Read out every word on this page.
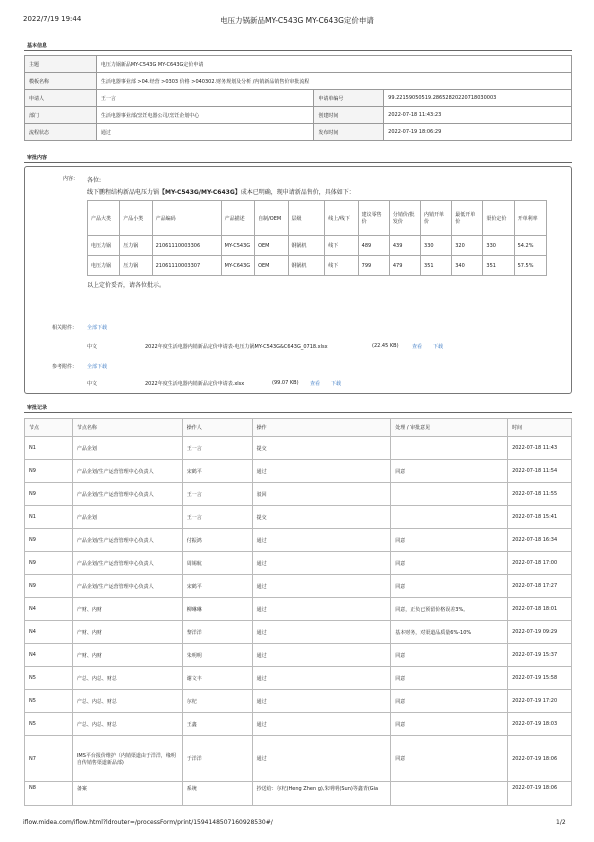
2022/7/19 19:44	电压力锅新品MY-C543G MY-C643G定价申请
基本信息
主题	电压力锅新品MY-C543G MY-C643G定价申请		
模板名称	生活电器事业部 >04.经营 >0303 价格 >040302.财务规划及分析 /内销新品销售价审批流程		
申请人	王一言	申请单编号	99.22159050519.28652820220718030003
部门	生活电器事业部/烹饪电器公司/烹饪企划中心	创建时间	2022-07-18 11:43:23
流程状态	通过	发布时间	2022-07-19 18:06:29
审批内容
内容： 各位:
线下鹏程结构新品电压力锅【MY-C543G/MY-C643G】成本已明确，现申请新品售价，具体如下：
产品大类	产品小类	产品编码	产品描述	自制/OEM	层级	线上/线下	建议零售价	分销价/批发价	内销开单价	最低开单价	渠价定价	开单利率
电压力锅	压力锅	21061110003306	MY-C543G	OEM	钢锅机	线下	489	439	330	320	330	54.2%
电压力锅	压力锅	21061110003307	MY-C643G	OEM	钢锅机	线下	799	479	351	340	351	57.5%
以上定价妥否，请各位批示。
相关附件： 全部下载
中文	2022年度生活电器内销新品定价申请表-电压力锅MY-C543G&C643G_0718.xlsx	(22.45 KB)	查看 下载
参考附件： 全部下载
中文	2022年度生活电器内销新品定价申请表.xlsx	(99.07 KB) 查看 下载
审批记录
节点	节点名称	操作人	操作	处理 / 审批意见	时间
N1	产品企划	王一言	提交		2022-07-18 11:43
N9	产品企划/生产运营管理中心负责人	宋鹤平	通过	同意	2022-07-18 11:54
N9	产品企划/生产运营管理中心负责人	王一言	驳回		2022-07-18 11:55
N1	产品企划	王一言	提交		2022-07-18 15:41
N9	产品企划/生产运营管理中心负责人	付振鸿	通过	同意	2022-07-18 16:34
N9	产品企划/生产运营管理中心负责人	周锡航	通过	同意	2022-07-18 17:00
N9	产品企划/生产运营管理中心负责人	宋鹤平	通过	同意	2022-07-18 17:27
N4	产财、内财	柳琳琳	通过	同意，正负已预留价格误差3%。	2022-07-18 18:01
N4	产财、内财	黎洋洋	通过	基本财务，对渠道品质量6%-10%	2022-07-19 09:29
N4	产财、内财	朱明明	通过	同意	2022-07-19 15:37
N5	产总、内总、财总	谢文丰	通过	同意	2022-07-19 15:58
N5	产总、内总、财总	尔杞	通过	同意	2022-07-19 17:20
N5	产总、内总、财总	王鑫	通过	同意	2022-07-19 18:03
N7	IMS平台报价维护（内销渠道由于洋洋，缘明自传销售渠道新品部)	于洋洋	通过	同意	2022-07-19 18:06
N8	备案	系统	抄送给：尔杞(Heng Zhen g),朱明明(Sun)等鑫青(Gia		2022-07-19 18:06
iflow.midea.com/iflow.html?ldrouter=/processForm/print/1594148507160928530#/	1/2
